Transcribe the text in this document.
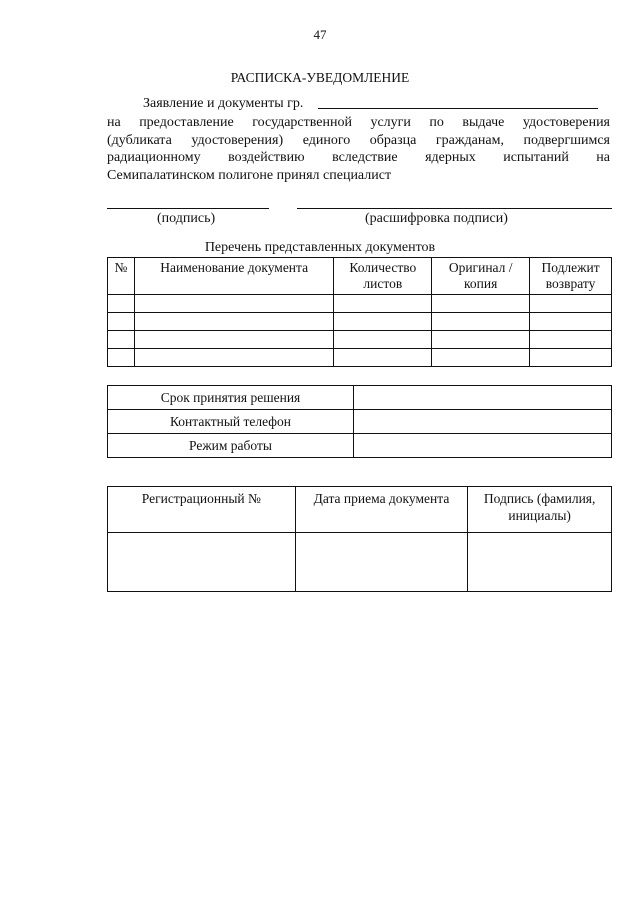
47
РАСПИСКА-УВЕДОМЛЕНИЕ
Заявление и документы гр.
на предоставление государственной услуги по выдаче удостоверения
(дубликата удостоверения) единого образца гражданам, подвергшимся
радиационному воздействию вследствие ядерных испытаний на
Семипалатинском полигоне принял специалист
(подпись)	(расшифровка подписи)
Перечень представленных документов
№	Наименование документа	Количество листов	Оригинал /копия	Подлежит возврату

Срок принятия решения	
Контактный телефон	
Режим работы	
Регистрационный №	Дата приема документа	Подпись (фамилия, инициалы)
